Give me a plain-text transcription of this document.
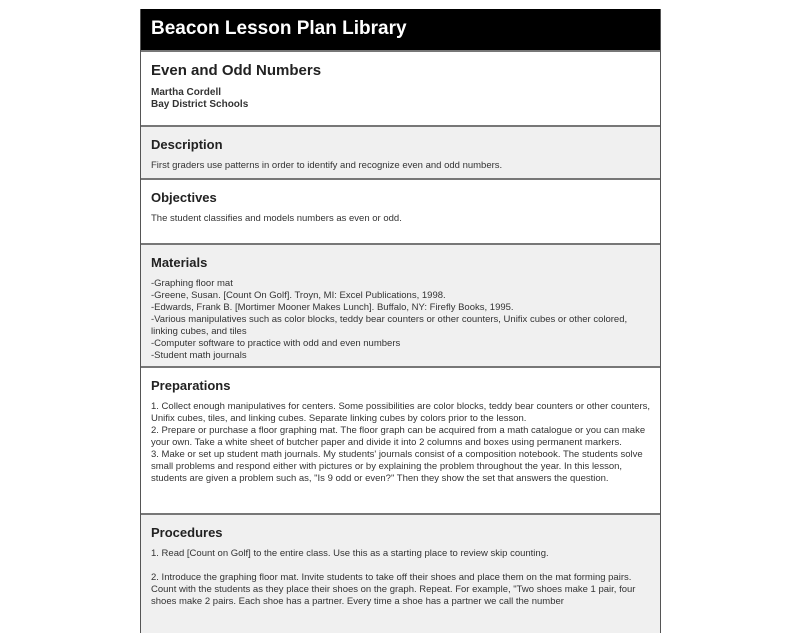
Beacon Lesson Plan Library
Even and Odd Numbers
Martha Cordell
Bay District Schools
Description
First graders use patterns in order to identify and recognize even and odd numbers.
Objectives
The student classifies and models numbers as even or odd.
Materials

-Graphing floor mat

-Greene, Susan. [Count On Golf]. Troyn, MI: Excel Publications, 1998.

-Edwards, Frank B. [Mortimer Mooner Makes Lunch]. Buffalo, NY: Firefly Books, 1995.

-Various manipulatives such as color blocks, teddy bear counters or other counters, Unifix cubes or other colored, linking cubes, and tiles

-Computer software to practice with odd and even numbers

-Student math journals

Preparations

1. Collect enough manipulatives for centers. Some possibilities are color blocks, teddy bear counters or other counters, Unifix cubes, tiles, and linking cubes. Separate linking cubes by colors prior to the lesson.

2. Prepare or purchase a floor graphing mat. The floor graph can be acquired from a math catalogue or you can make your own. Take a white sheet of butcher paper and divide it into 2 columns and boxes using permanent markers.

3. Make or set up student math journals. My students' journals consist of a composition notebook. The students solve small problems and respond either with pictures or by explaining the problem throughout the year. In this lesson, students are given a problem such as, "Is 9 odd or even?" Then they show the set that answers the question.

Procedures

1. Read [Count on Golf] to the entire class. Use this as a starting place to review skip counting.

2. Introduce the graphing floor mat. Invite students to take off their shoes and place them on the mat forming pairs. Count with the students as they place their shoes on the graph. Repeat. For example, "Two shoes make 1 pair, four shoes make 2 pairs. Each shoe has a partner. Every time a shoe has a partner we call the number
